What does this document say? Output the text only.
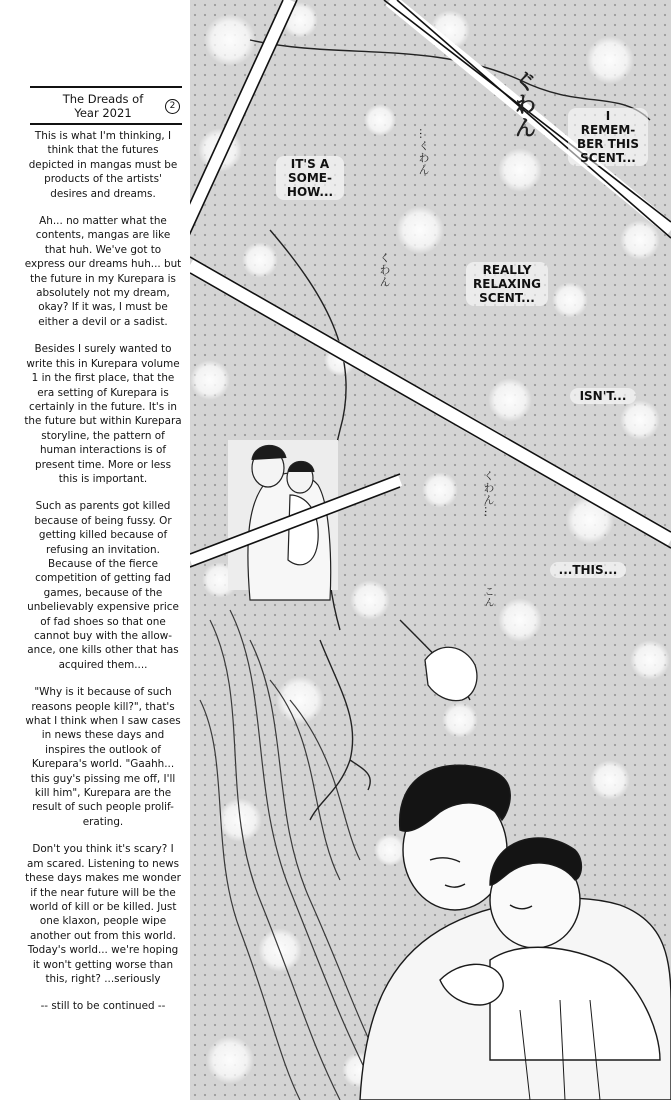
The Dreads of
Year 2021	2

This is what I'm thinking, I think that the futures depicted in mangas must be products of the artists' desires and dreams.

Ah... no matter what the contents, mangas are like that huh. We've got to express our dreams huh... but the future in my Kurepara is absolutely not my dream, okay? If it was, I must be either a devil or a sadist.

Besides I surely wanted to write this in Kurepara volume 1 in the first place, that the era setting of Kurepara is certainly in the future. It's in the future but within Kurepara storyline, the pattern of human interactions is of present time. More or less this is important.

Such as parents got killed because of being fussy. Or getting killed because of refusing an invitation. Because of the fierce competition of getting fad games, because of the unbelievably expensive price of fad shoes so that one cannot buy with the allow-ance, one kills other that has acquired them....

"Why is it because of such reasons people kill?", that's what I think when I saw cases in news these days and inspires the outlook of Kurepara's world. "Gaahh... this guy's pissing me off, I'll kill him", Kurepara are the result of such people prolif-erating.

Don't you think it's scary? I am scared. Listening to news these days makes me wonder if the near future will be the world of kill or be killed. Just one klaxon, people wipe another out from this world. Today's world... we're hoping it won't getting worse than this, right? ...seriously

-- still to be continued --
IT'S A
SOME-
HOW...
I
REMEM-
BER THIS
SCENT...
REALLY
RELAXING
SCENT...
ISN'T...
...THIS...
ぐわん
…くわん
くわん
くわん…
こん
